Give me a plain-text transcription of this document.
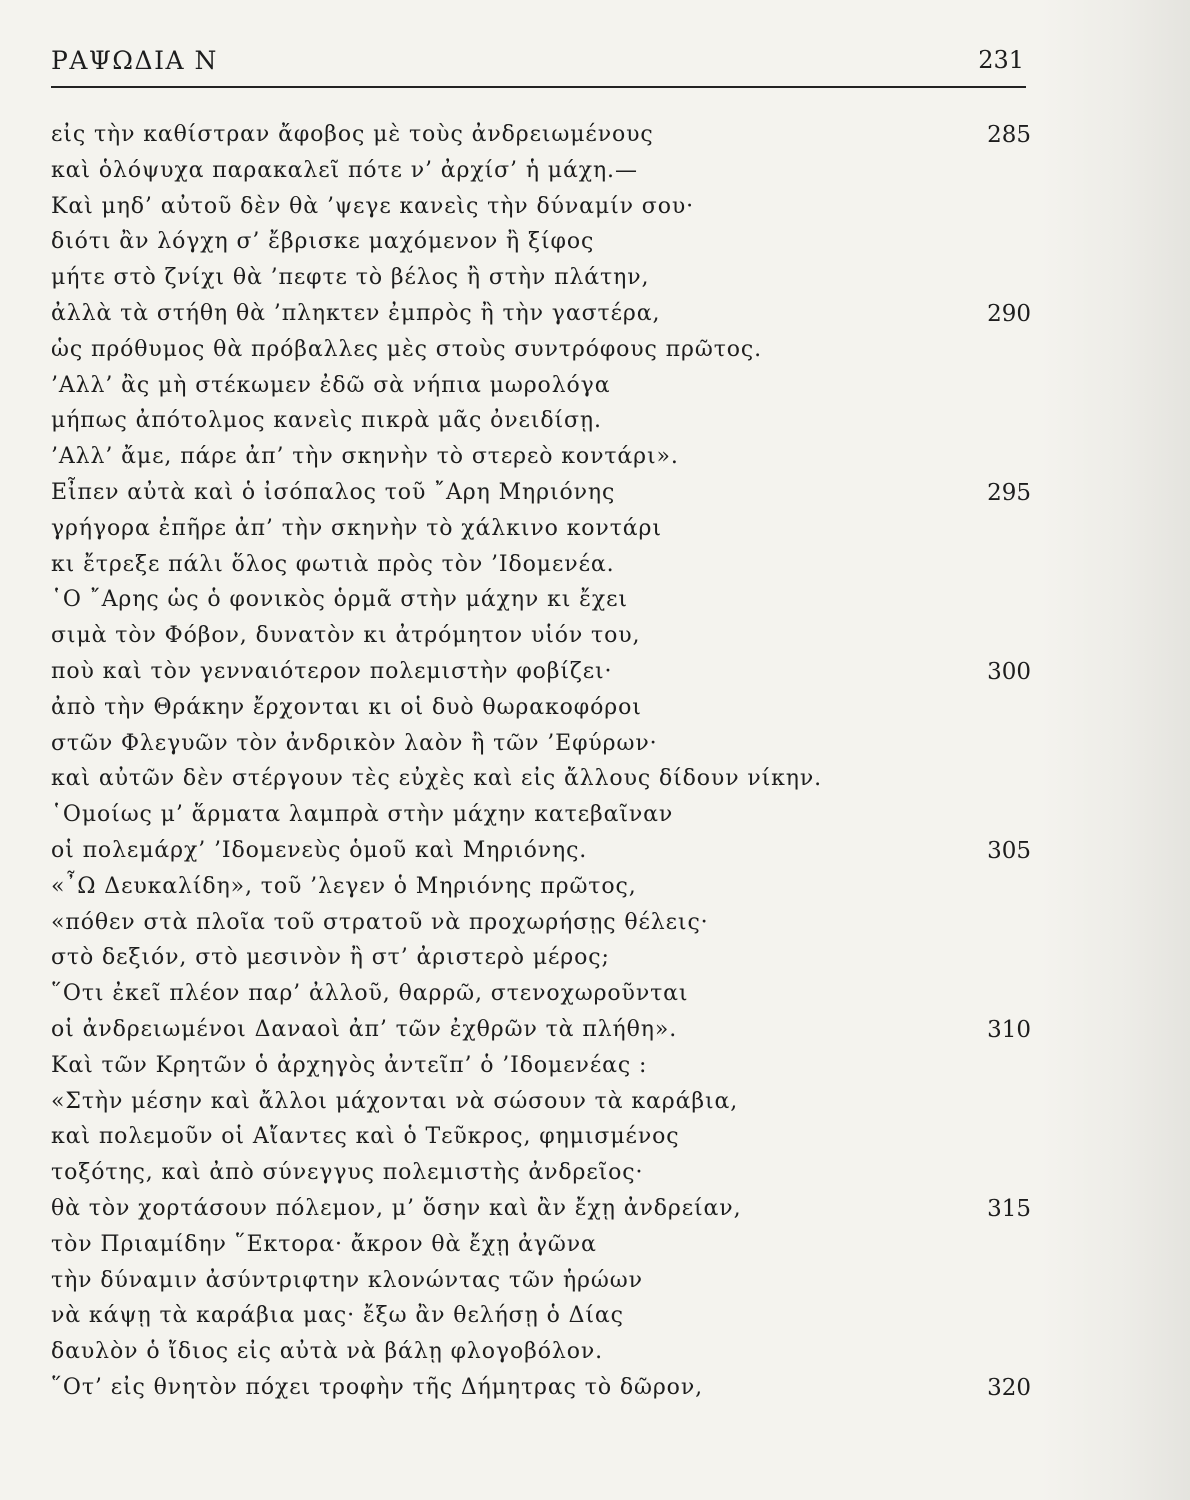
ΡΑΨΩΔΙΑ Ν	231
εἰς τὴν καθίστραν ἄφοβος μὲ τοὺς ἀνδρειωμένους	285
καὶ ὁλόψυχα παρακαλεῖ πότε ν’ ἀρχίσ’ ἡ μάχη.—
Καὶ μηδ’ αὐτοῦ δὲν θὰ ’ψεγε κανεὶς τὴν δύναμίν σου·
διότι ἂν λόγχη σ’ ἔβρισκε μαχόμενον ἢ ξίφος
μήτε στὸ ζνίχι θὰ ’πεφτε τὸ βέλος ἢ στὴν πλάτην,
ἀλλὰ τὰ στήθη θὰ ’πληκτεν ἐμπρὸς ἢ τὴν γαστέρα,	290
ὡς πρόθυμος θὰ πρόβαλλες μὲς στοὺς συντρόφους πρῶτος.
’Αλλ’ ἂς μὴ στέκωμεν ἐδῶ σὰ νήπια μωρολόγα
μήπως ἀπότολμος κανεὶς πικρὰ μᾶς ὀνειδίσῃ.
’Αλλ’ ἄμε, πάρε ἀπ’ τὴν σκηνὴν τὸ στερεὸ κοντάρι».
Εἶπεν αὐτὰ καὶ ὁ ἰσόπαλος τοῦ ῎Αρη Μηριόνης	295
γρήγορα ἐπῆρε ἀπ’ τὴν σκηνὴν τὸ χάλκινο κοντάρι
κι ἔτρεξε πάλι ὅλος φωτιὰ πρὸς τὸν ’Ιδομενέα.
῾Ο ῎Αρης ὡς ὁ φονικὸς ὁρμᾶ στὴν μάχην κι ἔχει
σιμὰ τὸν Φόβον, δυνατὸν κι ἀτρόμητον υἱόν του,
ποὺ καὶ τὸν γενναιότερον πολεμιστὴν φοβίζει·	300
ἀπὸ τὴν Θράκην ἔρχονται κι οἱ δυὸ θωρακοφόροι
στῶν Φλεγυῶν τὸν ἀνδρικὸν λαὸν ἢ τῶν ’Εφύρων·
καὶ αὐτῶν δὲν στέργουν τὲς εὐχὲς καὶ εἰς ἄλλους δίδουν νίκην.
῾Ομοίως μ’ ἅρματα λαμπρὰ στὴν μάχην κατεβαῖναν
οἱ πολεμάρχ’ ’Ιδομενεὺς ὁμοῦ καὶ Μηριόνης.	305
«῏Ω Δευκαλίδη», τοῦ ’λεγεν ὁ Μηριόνης πρῶτος,
«πόθεν στὰ πλοῖα τοῦ στρατοῦ νὰ προχωρήσῃς θέλεις·
στὸ δεξιόν, στὸ μεσινὸν ἢ στ’ ἀριστερὸ μέρος;
῞Οτι ἐκεῖ πλέον παρ’ ἀλλοῦ, θαρρῶ, στενοχωροῦνται
οἱ ἀνδρειωμένοι Δαναοὶ ἀπ’ τῶν ἐχθρῶν τὰ πλήθη».	310
Καὶ τῶν Κρητῶν ὁ ἀρχηγὸς ἀντεῖπ’ ὁ ’Ιδομενέας :
«Στὴν μέσην καὶ ἄλλοι μάχονται νὰ σώσουν τὰ καράβια,
καὶ πολεμοῦν οἱ Αἴαντες καὶ ὁ Τεῦκρος, φημισμένος
τοξότης, καὶ ἀπὸ σύνεγγυς πολεμιστὴς ἀνδρεῖος·
θὰ τὸν χορτάσουν πόλεμον, μ’ ὅσην καὶ ἂν ἔχῃ ἀνδρείαν,	315
τὸν Πριαμίδην ῞Εκτορα· ἄκρον θὰ ἔχῃ ἀγῶνα
τὴν δύναμιν ἀσύντριφτην κλονώντας τῶν ἡρώων
νὰ κάψῃ τὰ καράβια μας· ἔξω ἂν θελήσῃ ὁ Δίας
δαυλὸν ὁ ἴδιος εἰς αὐτὰ νὰ βάλῃ φλογοβόλον.
῞Οτ’ εἰς θνητὸν πόχει τροφὴν τῆς Δήμητρας τὸ δῶρον,	320
